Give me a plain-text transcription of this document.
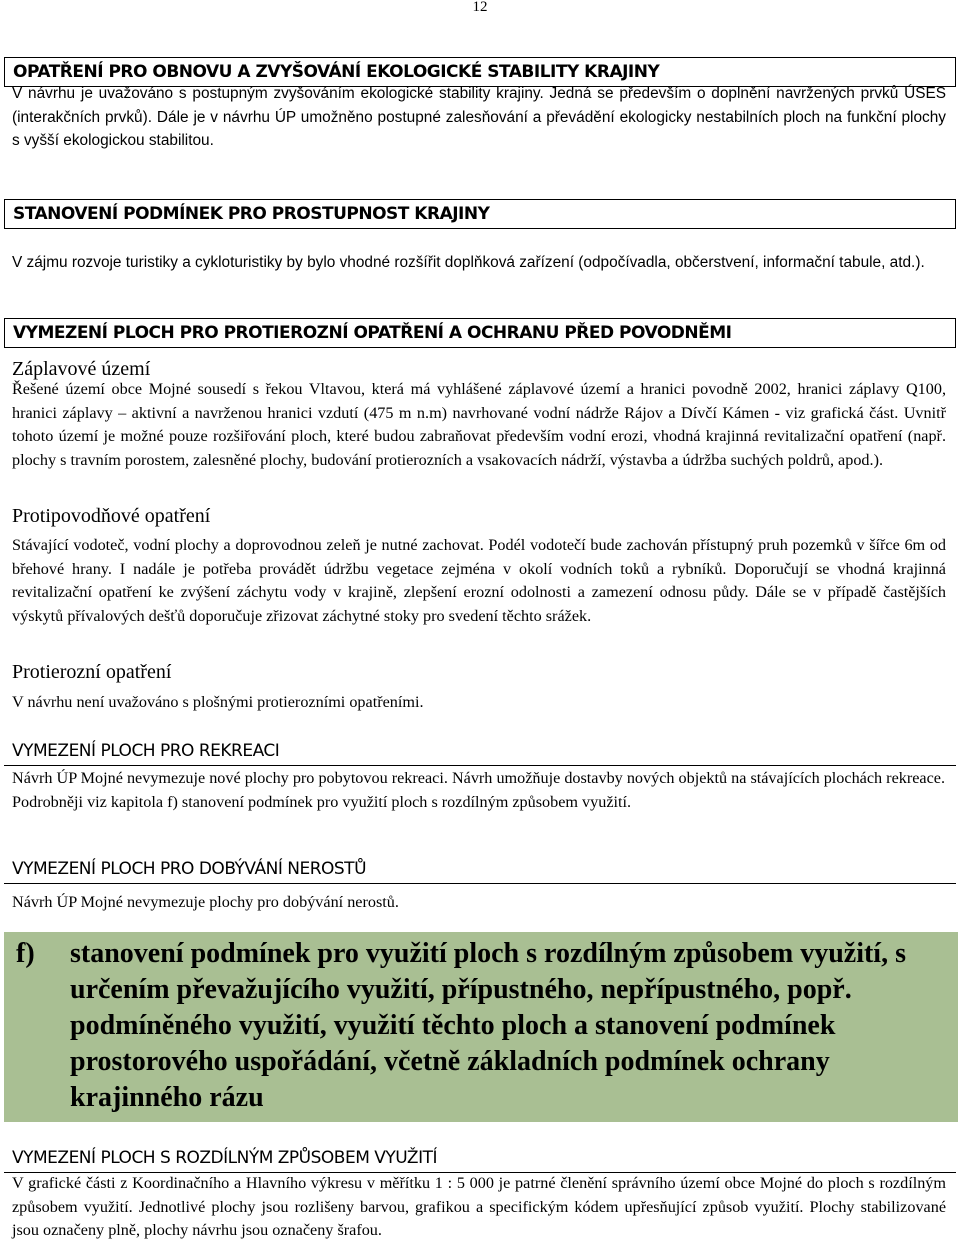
12
OPATŘENÍ PRO OBNOVU A ZVYŠOVÁNÍ EKOLOGICKÉ STABILITY KRAJINY

V návrhu je uvažováno s postupným zvyšováním ekologické stability krajiny. Jedná se především o doplnění navržených prvků ÚSES (interakčních prvků). Dále je v návrhu ÚP umožněno postupné zalesňování a převádění ekologicky nestabilních ploch na funkční plochy s vyšší ekologickou stabilitou.

STANOVENÍ PODMÍNEK PRO PROSTUPNOST KRAJINY

V zájmu rozvoje turistiky a cykloturistiky by bylo vhodné rozšířit doplňková zařízení (odpočívadla, občerstvení, informační tabule, atd.).

VYMEZENÍ PLOCH PRO PROTIEROZNÍ OPATŘENÍ A OCHRANU PŘED POVODNĚMI
Záplavové území

Řešené území obce Mojné sousedí s řekou Vltavou, která má vyhlášené záplavové území a hranici povodně 2002, hranici záplavy Q100, hranici záplavy – aktivní a navrženou hranici vzdutí (475 m n.m) navrhované vodní nádrže Rájov a Dívčí Kámen - viz grafická část. Uvnitř tohoto území je možné pouze rozšiřování ploch, které budou zabraňovat především vodní erozi, vhodná krajinná revitalizační opatření (např. plochy s travním porostem, zalesněné plochy, budování protierozních a vsakovacích nádrží, výstavba a údržba suchých poldrů, apod.).

Protipovodňové opatření

Stávající vodoteč, vodní plochy a doprovodnou zeleň je nutné zachovat. Podél vodotečí bude zachován přístupný pruh pozemků v šířce 6m od břehové hrany. I nadále je potřeba provádět údržbu vegetace zejména v okolí vodních toků a rybníků. Doporučují se vhodná krajinná revitalizační opatření ke zvýšení záchytu vody v krajině, zlepšení erozní odolnosti a zamezení odnosu půdy. Dále se v případě častějších výskytů přívalových dešťů doporučuje zřizovat záchytné stoky pro svedení těchto srážek.

Protierozní opatření

V návrhu není uvažováno s plošnými protierozními opatřeními.

VYMEZENÍ PLOCH PRO REKREACI

Návrh ÚP Mojné nevymezuje nové plochy pro pobytovou rekreaci. Návrh umožňuje dostavby nových objektů na stávajících plochách rekreace.

Podrobněji viz kapitola f) stanovení podmínek pro využití ploch s rozdílným způsobem využití.

VYMEZENÍ PLOCH PRO DOBÝVÁNÍ NEROSTŮ

Návrh ÚP Mojné nevymezuje plochy pro dobývání nerostů.

f) stanovení podmínek pro využití ploch s rozdílným způsobem využití, s určením převažujícího využití, přípustného, nepřípustného, popř. podmíněného využití, využití těchto ploch a stanovení podmínek prostorového uspořádání, včetně základních podmínek ochrany krajinného rázu
VYMEZENÍ PLOCH S ROZDÍLNÝM ZPŮSOBEM VYUŽITÍ

V grafické části z Koordinačního a Hlavního výkresu v měřítku 1 : 5 000 je patrné členění správního území obce Mojné do ploch s rozdílným způsobem využití. Jednotlivé plochy jsou rozlišeny barvou, grafikou a specifickým kódem upřesňující způsob využití. Plochy stabilizované jsou označeny plně, plochy návrhu jsou označeny šrafou.
